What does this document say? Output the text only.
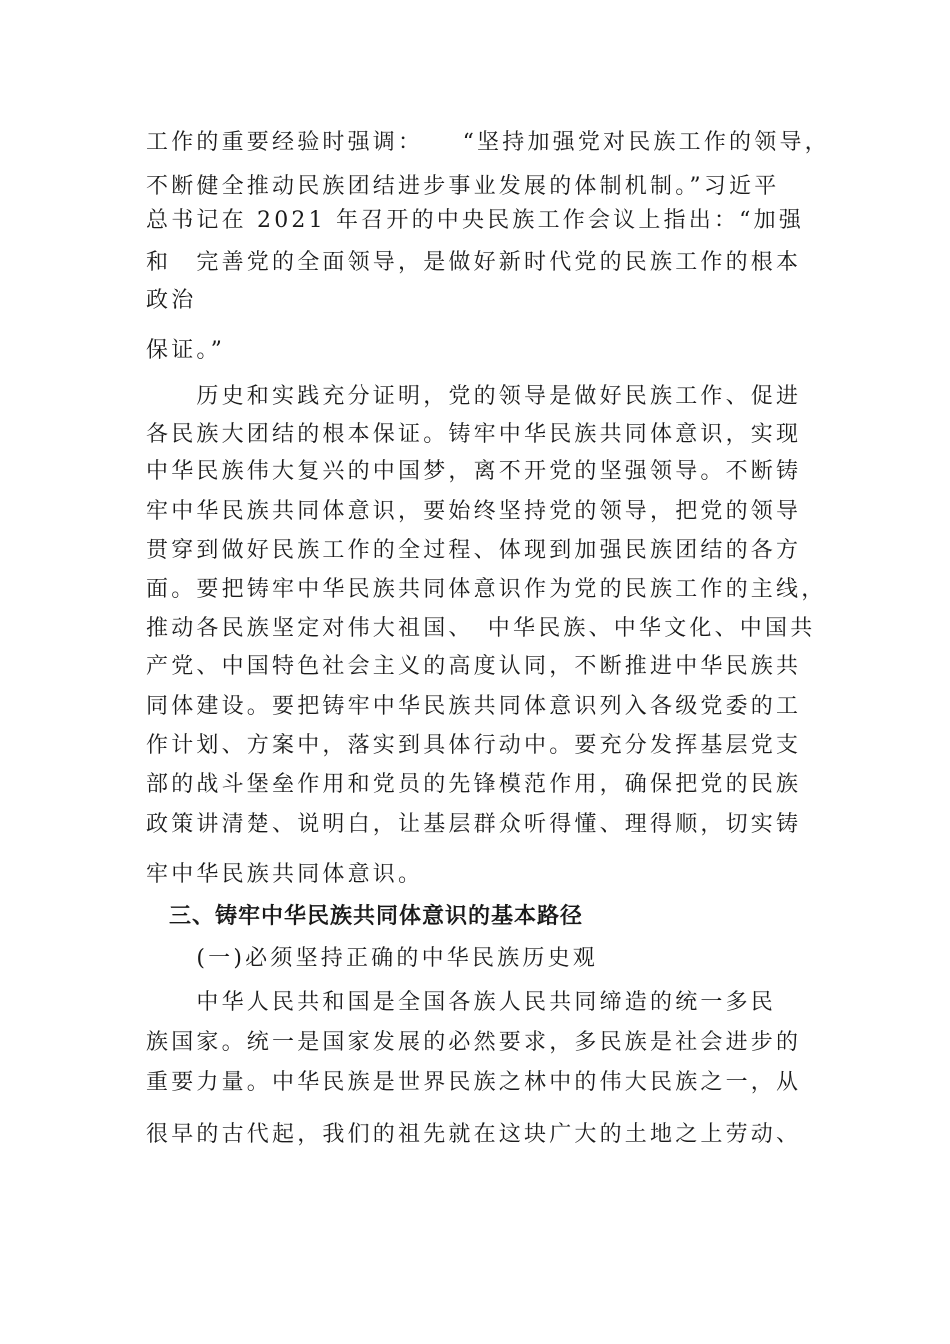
工作的重要经验时强调：　　“坚持加强党对民族工作的领导，
不断健全推动民族团结进步事业发展的体制机制。”习近平
总书记在 2021 年召开的中央民族工作会议上指出：“加强
和　完善党的全面领导，是做好新时代党的民族工作的根本
政治
保证。”
　　历史和实践充分证明，党的领导是做好民族工作、促进
各民族大团结的根本保证。铸牢中华民族共同体意识，实现
中华民族伟大复兴的中国梦，离不开党的坚强领导。不断铸
牢中华民族共同体意识，要始终坚持党的领导，把党的领导
贯穿到做好民族工作的全过程、体现到加强民族团结的各方
面。要把铸牢中华民族共同体意识作为党的民族工作的主线，
推动各民族坚定对伟大祖国、　中华民族、中华文化、中国共
产党、中国特色社会主义的高度认同，不断推进中华民族共
同体建设。要把铸牢中华民族共同体意识列入各级党委的工
作计划、方案中，落实到具体行动中。要充分发挥基层党支
部的战斗堡垒作用和党员的先锋模范作用，确保把党的民族
政策讲清楚、说明白，让基层群众听得懂、理得顺，切实铸
牢中华民族共同体意识。
　三、铸牢中华民族共同体意识的基本路径
　　(一)必须坚持正确的中华民族历史观
　　中华人民共和国是全国各族人民共同缔造的统一多民
族国家。统一是国家发展的必然要求，多民族是社会进步的
重要力量。中华民族是世界民族之林中的伟大民族之一，从
很早的古代起，我们的祖先就在这块广大的土地之上劳动、
